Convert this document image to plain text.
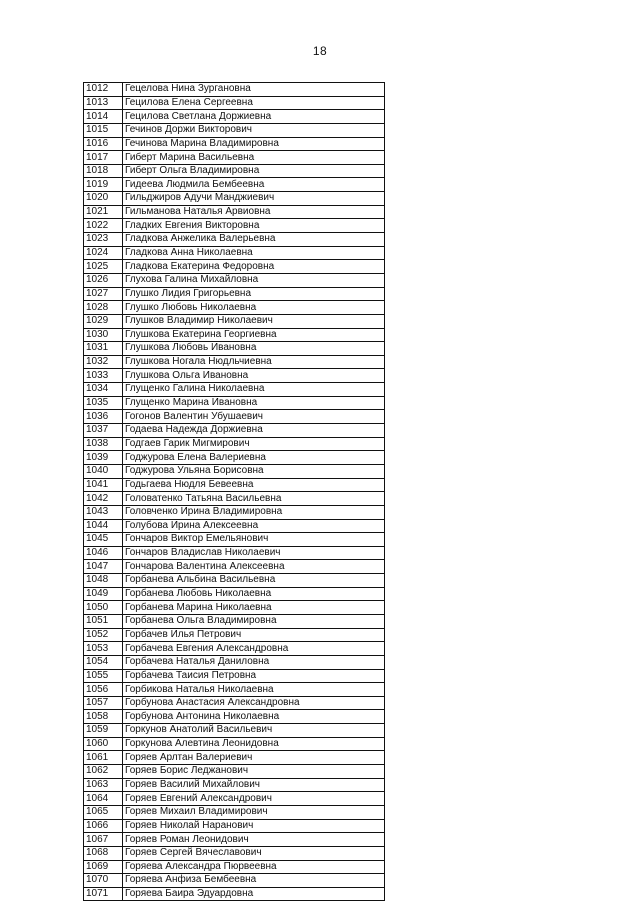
18
1012	Гецелова Нина Зургановна
1013	Гецилова Елена Сергеевна
1014	Гецилова Светлана Доржиевна
1015	Гечинов Доржи Викторович
1016	Гечинова Марина Владимировна
1017	Гиберт Марина Васильевна
1018	Гиберт Ольга Владимировна
1019	Гидеева Людмила Бембеевна
1020	Гильджиров Адучи Манджиевич
1021	Гильманова Наталья Арвиовна
1022	Гладких Евгения Викторовна
1023	Гладкова Анжелика Валерьевна
1024	Гладкова Анна Николаевна
1025	Гладкова Екатерина Федоровна
1026	Глухова Галина Михайловна
1027	Глушко Лидия Григорьевна
1028	Глушко Любовь Николаевна
1029	Глушков Владимир Николаевич
1030	Глушкова Екатерина Георгиевна
1031	Глушкова Любовь Ивановна
1032	Глушкова Ногала Нюдльчиевна
1033	Глушкова Ольга Ивановна
1034	Глущенко Галина Николаевна
1035	Глущенко Марина Ивановна
1036	Гогонов Валентин Убушаевич
1037	Годаева Надежда Доржиевна
1038	Годгаев Гарик Мигмирович
1039	Годжурова Елена Валериевна
1040	Годжурова Ульяна Борисовна
1041	Годьгаева Нюдля Бевеевна
1042	Головатенко Татьяна Васильевна
1043	Головченко Ирина Владимировна
1044	Голубова Ирина Алексеевна
1045	Гончаров Виктор Емельянович
1046	Гончаров Владислав Николаевич
1047	Гончарова Валентина Алексеевна
1048	Горбанева Альбина Васильевна
1049	Горбанева Любовь Николаевна
1050	Горбанева Марина Николаевна
1051	Горбанева Ольга Владимировна
1052	Горбачев Илья Петрович
1053	Горбачева Евгения Александровна
1054	Горбачева Наталья Даниловна
1055	Горбачева Таисия Петровна
1056	Горбикова Наталья Николаевна
1057	Горбунова Анастасия Александровна
1058	Горбунова Антонина Николаевна
1059	Горкунов Анатолий Васильевич
1060	Горкунова Алевтина Леонидовна
1061	Горяев Арлтан Валериевич
1062	Горяев Борис Леджанович
1063	Горяев Василий Михайлович
1064	Горяев Евгений Александрович
1065	Горяев Михаил Владимирович
1066	Горяев Николай Наранович
1067	Горяев Роман Леонидович
1068	Горяев Сергей Вячеславович
1069	Горяева Александра Пюрвеевна
1070	Горяева Анфиза Бембеевна
1071	Горяева Баира Эдуардовна
